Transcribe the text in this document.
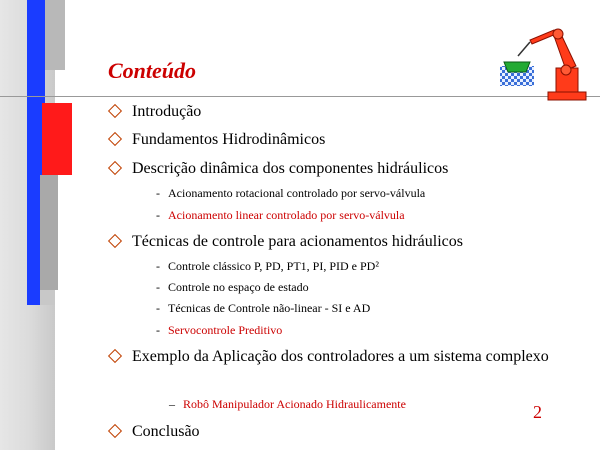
Conteúdo
Introdução
Fundamentos Hidrodinâmicos
Descrição dinâmica dos componentes hidráulicos
- Acionamento rotacional controlado por servo-válvula
- Acionamento linear controlado por servo-válvula
Técnicas de controle para acionamentos hidráulicos
- Controle clássico P, PD, PT1, PI, PID e PD²
- Controle no espaço de estado
- Técnicas de Controle não-linear - SI e AD
- Servocontrole Preditivo
Exemplo da Aplicação dos controladores a um sistema complexo
– Robô Manipulador Acionado Hidraulicamente
Conclusão
2
